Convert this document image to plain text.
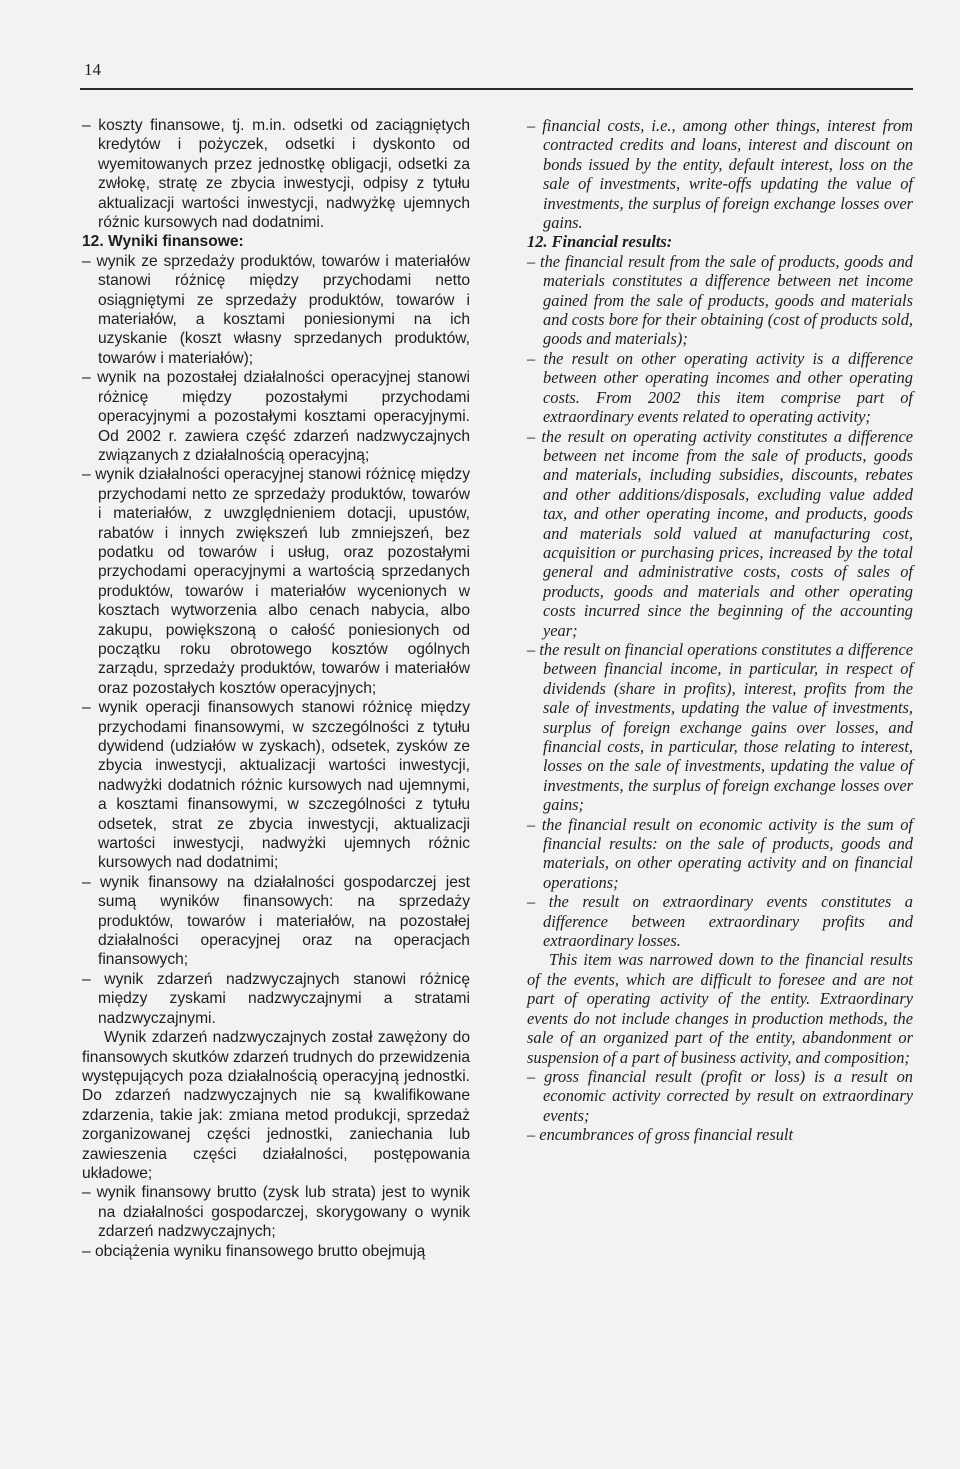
14

– koszty finansowe, tj. m.in. odsetki od zaciągniętych kredytów i pożyczek, odsetki i dyskonto od wyemitowanych przez jednostkę obligacji, odsetki za zwłokę, stratę ze zbycia inwestycji, odpisy z tytułu aktualizacji wartości inwestycji, nadwyżkę ujemnych różnic kursowych nad dodatnimi.

12. Wyniki finansowe:

– wynik ze sprzedaży produktów, towarów i materiałów stanowi różnicę między przychodami netto osiągniętymi ze sprzedaży produktów, towarów i materiałów, a kosztami poniesionymi na ich uzyskanie (koszt własny sprzedanych produktów, towarów i materiałów);

– wynik na pozostałej działalności operacyjnej stanowi różnicę między pozostałymi przychodami operacyjnymi a pozostałymi kosztami operacyjnymi. Od 2002 r. zawiera część zdarzeń nadzwyczajnych związanych z działalnością operacyjną;

– wynik działalności operacyjnej stanowi różnicę między przychodami netto ze sprzedaży produktów, towarów i materiałów, z uwzględnieniem dotacji, upustów, rabatów i innych zwiększeń lub zmniejszeń, bez podatku od towarów i usług, oraz pozostałymi przychodami operacyjnymi a wartością sprzedanych produktów, towarów i materiałów wycenionych w kosztach wytworzenia albo cenach nabycia, albo zakupu, powiększoną o całość poniesionych od początku roku obrotowego kosztów ogólnych zarządu, sprzedaży produktów, towarów i materiałów oraz pozostałych kosztów operacyjnych;

– wynik operacji finansowych stanowi różnicę między przychodami finansowymi, w szczególności z tytułu dywidend (udziałów w zyskach), odsetek, zysków ze zbycia inwestycji, aktualizacji wartości inwestycji, nadwyżki dodatnich różnic kursowych nad ujemnymi, a kosztami finansowymi, w szczególności z tytułu odsetek, strat ze zbycia inwestycji, aktualizacji wartości inwestycji, nadwyżki ujemnych różnic kursowych nad dodatnimi;

– wynik finansowy na działalności gospodarczej jest sumą wyników finansowych: na sprzedaży produktów, towarów i materiałów, na pozostałej działalności operacyjnej oraz na operacjach finansowych;

– wynik zdarzeń nadzwyczajnych stanowi różnicę między zyskami nadzwyczajnymi a stratami nadzwyczajnymi.

Wynik zdarzeń nadzwyczajnych został zawężony do finansowych skutków zdarzeń trudnych do przewidzenia występujących poza działalnością operacyjną jednostki. Do zdarzeń nadzwyczajnych nie są kwalifikowane zdarzenia, takie jak: zmiana metod produkcji, sprzedaż zorganizowanej części jednostki, zaniechania lub zawieszenia części działalności, postępowania układowe;

– wynik finansowy brutto (zysk lub strata) jest to wynik na działalności gospodarczej, skorygowany o wynik zdarzeń nadzwyczajnych;

– obciążenia wyniku finansowego brutto obejmują

– financial costs, i.e., among other things, interest from contracted credits and loans, interest and discount on bonds issued by the entity, default interest, loss on the sale of investments, write-offs updating the value of investments, the surplus of foreign exchange losses over gains.

12. Financial results:

– the financial result from the sale of products, goods and materials constitutes a difference between net income gained from the sale of products, goods and materials and costs bore for their obtaining (cost of products sold, goods and materials);

– the result on other operating activity is a difference between other operating incomes and other operating costs. From 2002 this item comprise part of extraordinary events related to operating activity;

– the result on operating activity constitutes a difference between net income from the sale of products, goods and materials, including subsidies, discounts, rebates and other additions/disposals, excluding value added tax, and other operating income, and products, goods and materials sold valued at manufacturing cost, acquisition or purchasing prices, increased by the total general and administrative costs, costs of sales of products, goods and materials and other operating costs incurred since the beginning of the accounting year;

– the result on financial operations constitutes a difference between financial income, in particular, in respect of dividends (share in profits), interest, profits from the sale of investments, updating the value of investments, surplus of foreign exchange gains over losses, and financial costs, in particular, those relating to interest, losses on the sale of investments, updating the value of investments, the surplus of foreign exchange losses over gains;

– the financial result on economic activity is the sum of financial results: on the sale of products, goods and materials, on other operating activity and on financial operations;

– the result on extraordinary events constitutes a difference between extraordinary profits and extraordinary losses.

This item was narrowed down to the financial results of the events, which are difficult to foresee and are not part of operating activity of the entity. Extraordinary events do not include changes in production methods, the sale of an organized part of the entity, abandonment or suspension of a part of business activity, and composition;

– gross financial result (profit or loss) is a result on economic activity corrected by result on extraordinary events;

– encumbrances of gross financial result
